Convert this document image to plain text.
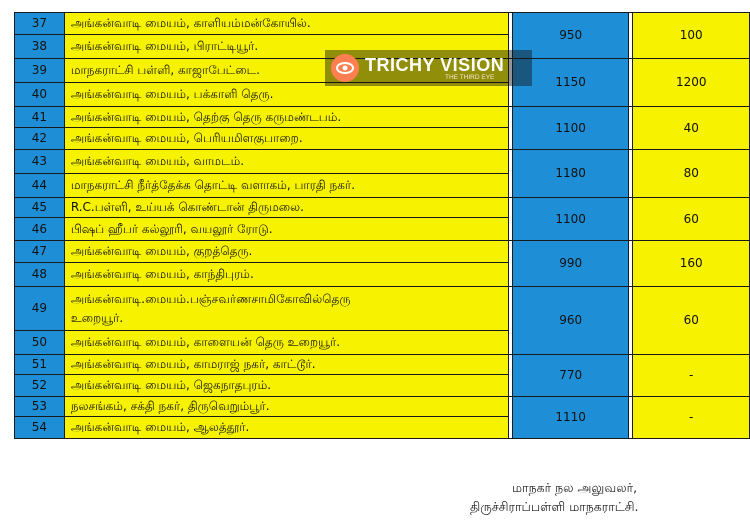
37	அங்கன்வாடி மையம், காளியம்மன்கோயில்.		950		100
38	அங்கன்வாடி மையம், பிராட்டியூர்.				
39	மாநகராட்சி பள்ளி, காஜாபேட்டை.		1150		1200
40	அங்கன்வாடி மையம், பக்காளி தெரு.				
41	அங்கன்வாடி மையம், தெற்கு தெரு கருமண்டபம்.		1100		40
42	அங்கன்வாடி மையம், பெரியமிளகுபாறை.				
43	அங்கன்வாடி மையம், வாமடம்.		1180		80
44	மாநகராட்சி நீர்த்தேக்க தொட்டி வளாகம், பாரதி நகர்.				
45	R.C.பள்ளி, உய்யக் கொண்டான் திருமலை.		1100		60
46	பிஷப் ஹீபர் கல்லூரி, வயலூர் ரோடு.				
47	அங்கன்வாடி மையம், குறத்தெரு.		990		160
48	அங்கன்வாடி மையம், காந்திபுரம்.				
49	அங்கன்வாடி.மையம்.பஞ்சவர்ணசாமிகோவில்தெரு
உறையூர்.		960		60
50	அங்கன்வாடி மையம், காளையன் தெரு உறையூர்.				
51	அங்கன்வாடி மையம், காமராஜ் நகர், காட்டூர்.		770		-
52	அங்கன்வாடி மையம், ஜெகநாதபுரம்.				
53	நலசங்கம், சக்தி நகர், திருவெறும்பூர்.		1110		-
54	அங்கன்வாடி மையம், ஆலத்தூர்.				
TRICHY VISION
THE THIRD EYE
மாநகர் நல அலுவலர்,
திருச்சிராப்பள்ளி மாநகராட்சி.
